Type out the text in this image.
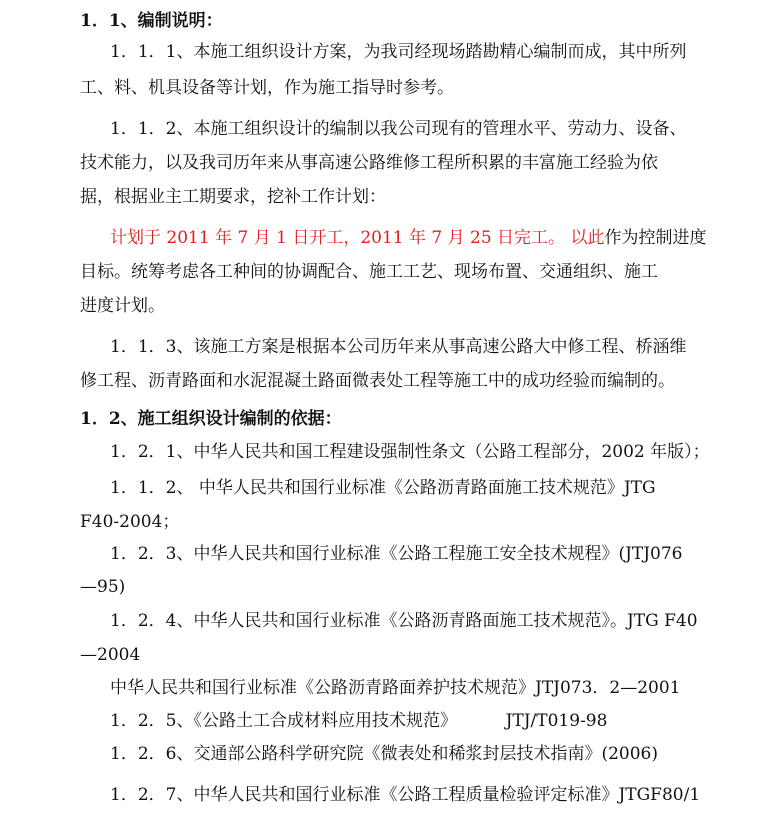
1．1、编制说明：
1．1．1、本施工组织设计方案，为我司经现场踏勘精心编制而成，其中所列
工、料、机具设备等计划，作为施工指导时参考。
1．1．2、本施工组织设计的编制以我公司现有的管理水平、劳动力、设备、
技术能力，以及我司历年来从事高速公路维修工程所积累的丰富施工经验为依
据，根据业主工期要求，挖补工作计划：
计划于 2011 年 7 月 1 日开工，2011 年 7 月 25 日完工。 以此作为控制进度
目标。统筹考虑各工种间的协调配合、施工工艺、现场布置、交通组织、施工
进度计划。
1．1．3、该施工方案是根据本公司历年来从事高速公路大中修工程、桥涵维
修工程、沥青路面和水泥混凝土路面微表处工程等施工中的成功经验而编制的。
1．2、施工组织设计编制的依据：
1．2．1、中华人民共和国工程建设强制性条文（公路工程部分，2002 年版）；
1．1．2、 中华人民共和国行业标准《公路沥青路面施工技术规范》JTG
F40-2004；
1．2．3、中华人民共和国行业标准《公路工程施工安全技术规程》(JTJ076
—95)
1．2．4、中华人民共和国行业标准《公路沥青路面施工技术规范》。JTG F40
—2004
中华人民共和国行业标准《公路沥青路面养护技术规范》JTJ073．2—2001
1．2．5、《公路土工合成材料应用技术规范》         JTJ/T019-98
1．2．6、交通部公路科学研究院《微表处和稀浆封层技术指南》(2006)
1．2．7、中华人民共和国行业标准《公路工程质量检验评定标准》JTGF80/1
